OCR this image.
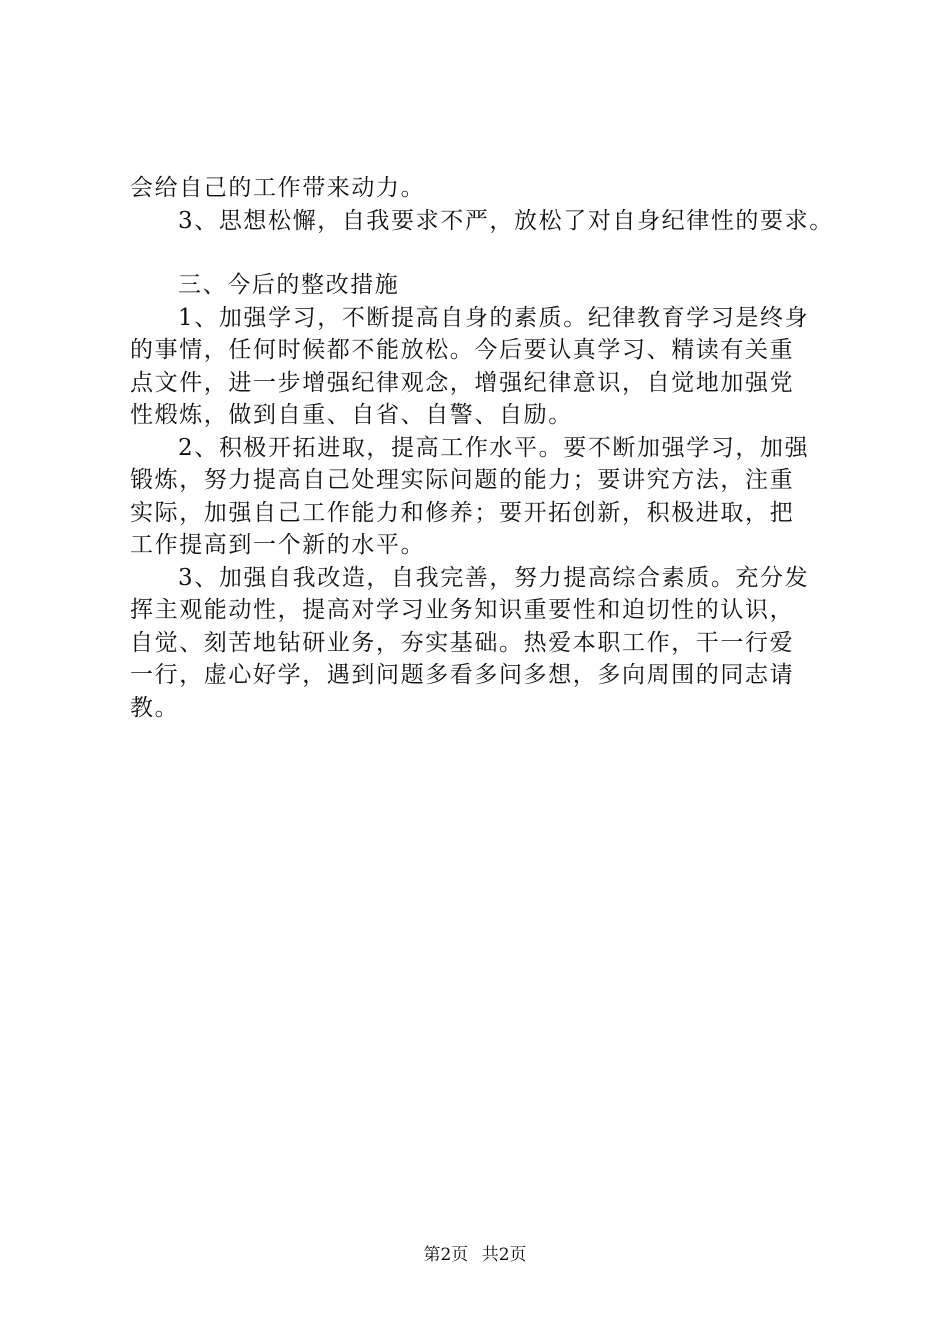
会给自己的工作带来动力。
3、思想松懈，自我要求不严，放松了对自身纪律性的要求。
三、今后的整改措施
1、加强学习，不断提高自身的素质。纪律教育学习是终身
的事情，任何时候都不能放松。今后要认真学习、精读有关重
点文件，进一步增强纪律观念，增强纪律意识，自觉地加强党
性煅炼，做到自重、自省、自警、自励。
2、积极开拓进取，提高工作水平。要不断加强学习，加强
锻炼，努力提高自己处理实际问题的能力；要讲究方法，注重
实际，加强自己工作能力和修养；要开拓创新，积极进取，把
工作提高到一个新的水平。
3、加强自我改造，自我完善，努力提高综合素质。充分发
挥主观能动性，提高对学习业务知识重要性和迫切性的认识，
自觉、刻苦地钻研业务，夯实基础。热爱本职工作，干一行爱
一行，虚心好学，遇到问题多看多问多想，多向周围的同志请
教。
第2页 共2页
